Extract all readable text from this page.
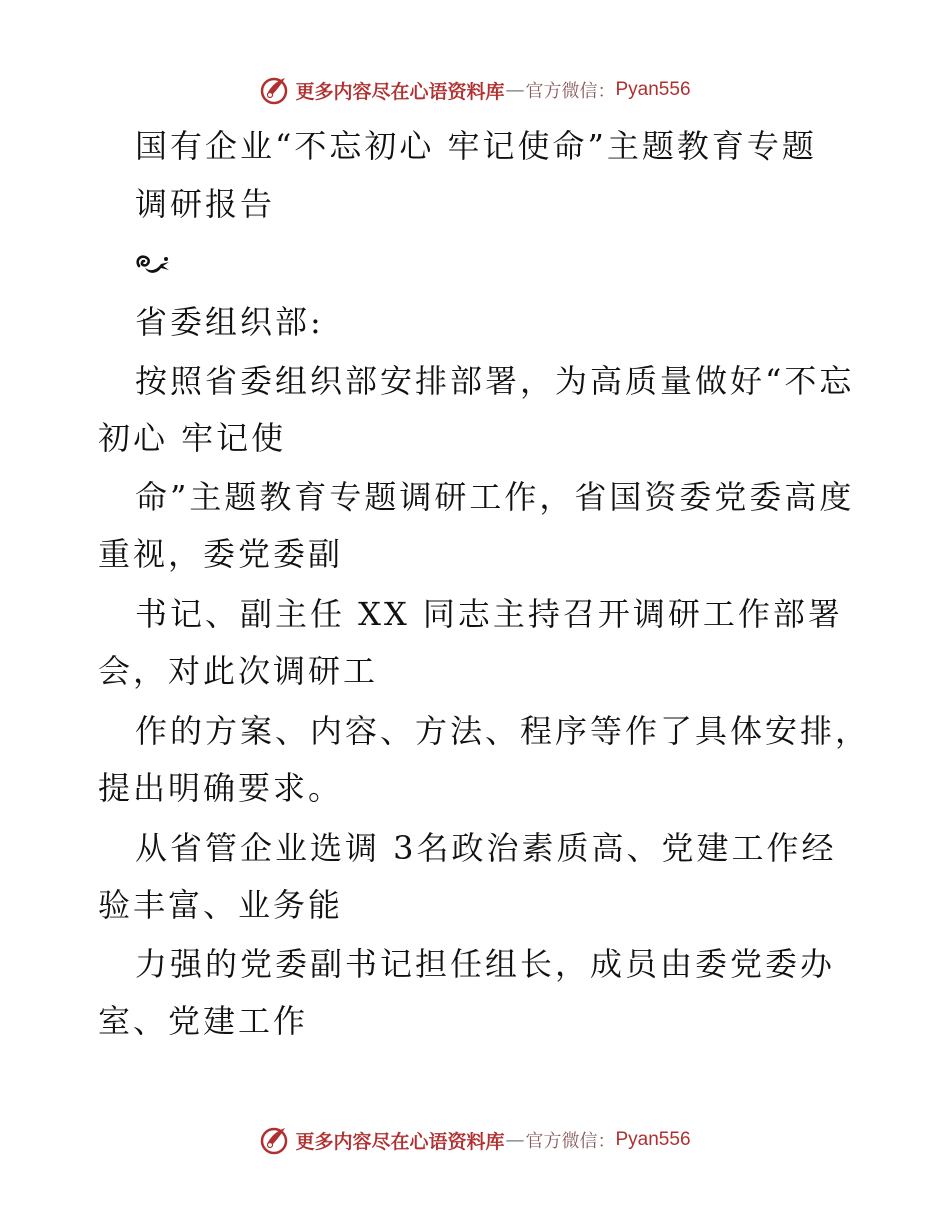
更多内容尽在心语资料库 — 官方微信： Pyan556
国有企业“不忘初心 牢记使命”主题教育专题
调研报告
省委组织部:
按照省委组织部安排部署，为高质量做好“不忘
初心 牢记使
命”主题教育专题调研工作，省国资委党委高度
重视，委党委副
书记、副主任 XX 同志主持召开调研工作部署
会，对此次调研工
作的方案、内容、方法、程序等作了具体安排，
提出明确要求。
从省管企业选调 3名政治素质高、党建工作经
验丰富、业务能
力强的党委副书记担任组长，成员由委党委办
室、党建工作
更多内容尽在心语资料库 — 官方微信： Pyan556
